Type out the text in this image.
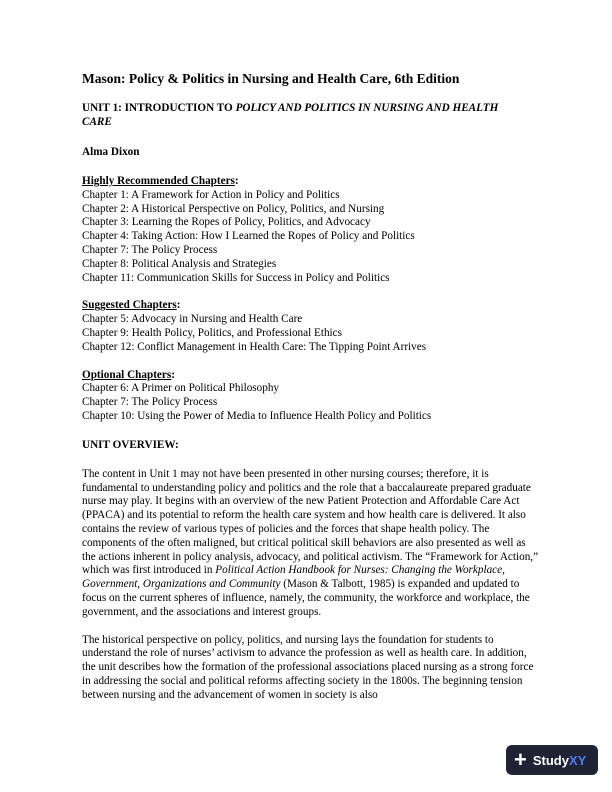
Mason: Policy & Politics in Nursing and Health Care, 6th Edition
UNIT 1: INTRODUCTION TO POLICY AND POLITICS IN NURSING AND HEALTH
CARE
Alma Dixon
Highly Recommended Chapters:
Chapter 1: A Framework for Action in Policy and Politics
Chapter 2: A Historical Perspective on Policy, Politics, and Nursing
Chapter 3: Learning the Ropes of Policy, Politics, and Advocacy
Chapter 4: Taking Action: How I Learned the Ropes of Policy and Politics
Chapter 7: The Policy Process
Chapter 8: Political Analysis and Strategies
Chapter 11: Communication Skills for Success in Policy and Politics
Suggested Chapters:
Chapter 5: Advocacy in Nursing and Health Care
Chapter 9: Health Policy, Politics, and Professional Ethics
Chapter 12: Conflict Management in Health Care: The Tipping Point Arrives
Optional Chapters:
Chapter 6: A Primer on Political Philosophy
Chapter 7: The Policy Process
Chapter 10: Using the Power of Media to Influence Health Policy and Politics
UNIT OVERVIEW:

The content in Unit 1 may not have been presented in other nursing courses; therefore, it is fundamental to understanding policy and politics and the role that a baccalaureate prepared graduate nurse may play. It begins with an overview of the new Patient Protection and Affordable Care Act (PPACA) and its potential to reform the health care system and how health care is delivered. It also contains the review of various types of policies and the forces that shape health policy. The components of the often maligned, but critical political skill behaviors are also presented as well as the actions inherent in policy analysis, advocacy, and political activism. The “Framework for Action,” which was first introduced in Political Action Handbook for Nurses: Changing the Workplace, Government, Organizations and Community (Mason & Talbott, 1985) is expanded and updated to focus on the current spheres of influence, namely, the community, the workforce and workplace, the government, and the associations and interest groups.

The historical perspective on policy, politics, and nursing lays the foundation for students to understand the role of nurses’ activism to advance the profession as well as health care. In addition, the unit describes how the formation of the professional associations placed nursing as a strong force in addressing the social and political reforms affecting society in the 1800s. The beginning tension between nursing and the advancement of women in society is also

+ StudyXY
